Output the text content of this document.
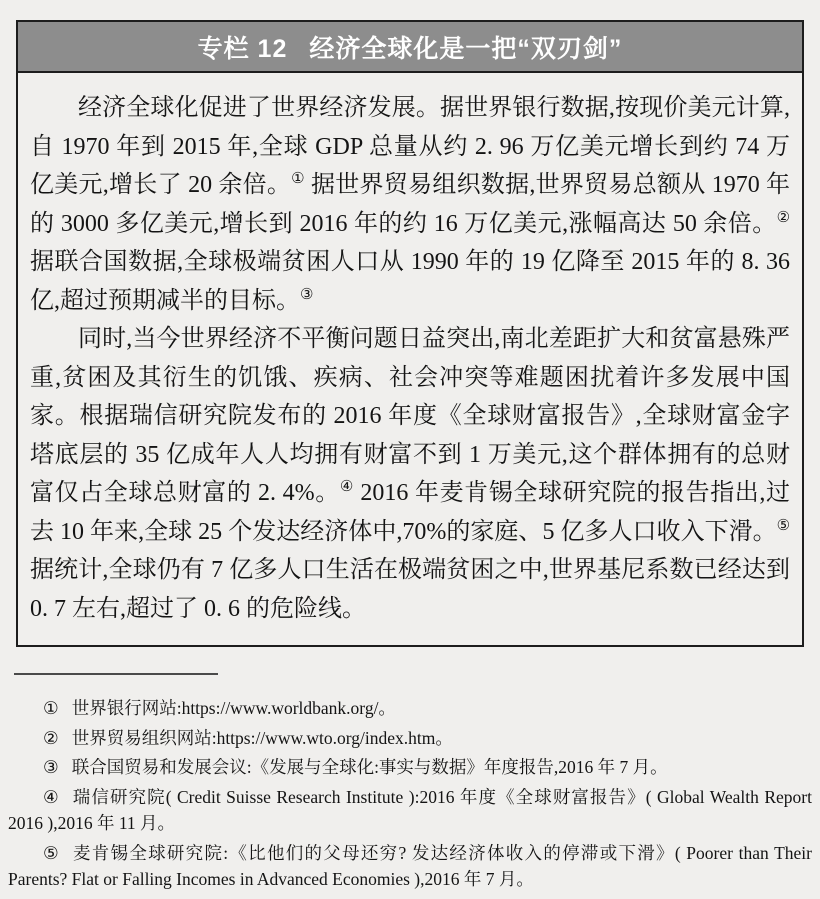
专栏 12 经济全球化是一把“双刃剑”

经济全球化促进了世界经济发展。据世界银行数据,按现价美元计算,自 1970 年到 2015 年,全球 GDP 总量从约 2. 96 万亿美元增长到约 74 万亿美元,增长了 20 余倍。① 据世界贸易组织数据,世界贸易总额从 1970 年的 3000 多亿美元,增长到 2016 年的约 16 万亿美元,涨幅高达 50 余倍。② 据联合国数据,全球极端贫困人口从 1990 年的 19 亿降至 2015 年的 8. 36 亿,超过预期减半的目标。③

同时,当今世界经济不平衡问题日益突出,南北差距扩大和贫富悬殊严重,贫困及其衍生的饥饿、疾病、社会冲突等难题困扰着许多发展中国家。根据瑞信研究院发布的 2016 年度《全球财富报告》,全球财富金字塔底层的 35 亿成年人人均拥有财富不到 1 万美元,这个群体拥有的总财富仅占全球总财富的 2. 4%。④ 2016 年麦肯锡全球研究院的报告指出,过去 10 年来,全球 25 个发达经济体中,70%的家庭、5 亿多人口收入下滑。⑤ 据统计,全球仍有 7 亿多人口生活在极端贫困之中,世界基尼系数已经达到 0. 7 左右,超过了 0. 6 的危险线。

① 世界银行网站:https://www.worldbank.org/。

② 世界贸易组织网站:https://www.wto.org/index.htm。

③ 联合国贸易和发展会议:《发展与全球化:事实与数据》年度报告,2016 年 7 月。

④ 瑞信研究院( Credit Suisse Research Institute ):2016 年度《全球财富报告》( Global Wealth Report 2016 ),2016 年 11 月。

⑤ 麦肯锡全球研究院:《比他们的父母还穷? 发达经济体收入的停滞或下滑》( Poorer than Their Parents? Flat or Falling Incomes in Advanced Economies ),2016 年 7 月。
